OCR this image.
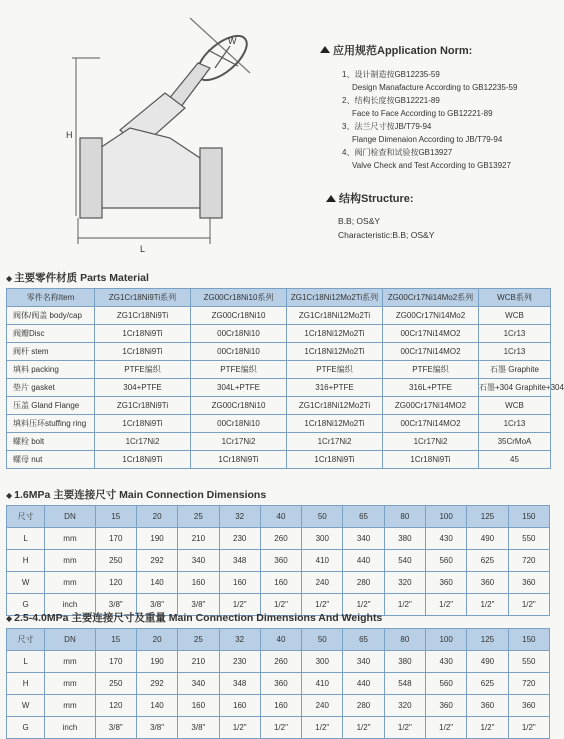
H
L
W
应用规范Application Norm:
1、设计制造按GB12235-59
Design Manafacture According to GB12235-59
2、结构长度按GB12221-89
Face to Face According to GB12221-89
3、法兰尺寸按JB/T79-94
Flange Dimenaion According to JB/T79-94
4、阀门检查和试验按GB13927
Valve Check and Test According to GB13927
结构Structure:
B.B; OS&Y
Characteristic:B.B; OS&Y
◆ 主要零件材质 Parts Material
零件名称Item	ZG1Cr18Ni9Ti系列	ZG00Cr18Ni10系列	ZG1Cr18Ni12Mo2Ti系列	ZG00Cr17Ni14Mo2系列	WCB系列
阀体/阀盖 body/cap	ZG1Cr18Ni9Ti	ZG00Cr18Ni10	ZG1Cr18Ni12Mo2Ti	ZG00Cr17Ni14Mo2	WCB
阀瓣Disc	1Cr18Ni9Ti	00Cr18Ni10	1Cr18Ni12Mo2Ti	00Cr17Ni14MO2	1Cr13
阀杆 stem	1Cr18Ni9Ti	00Cr18Ni10	1Cr18Ni12Mo2Ti	00Cr17Ni14MO2	1Cr13
填料 packing	PTFE编织	PTFE编织	PTFE编织	PTFE编织	石墨 Graphite
垫片 gasket	304+PTFE	304L+PTFE	316+PTFE	316L+PTFE	石墨+304 Graphite+304
压盖 Gland Flange	ZG1Cr18Ni9Ti	ZG00Cr18Ni10	ZG1Cr18Ni12Mo2Ti	ZG00Cr17Ni14MO2	WCB
填料压环stuffing ring	1Cr18Ni9Ti	00Cr18Ni10	1Cr18Ni12Mo2Ti	00Cr17Ni14MO2	1Cr13
螺栓 bolt	1Cr17Ni2	1Cr17Ni2	1Cr17Ni2	1Cr17Ni2	35CrMoA
螺母 nut	1Cr18Ni9Ti	1Cr18Ni9Ti	1Cr18Ni9Ti	1Cr18Ni9Ti	45
◆ 1.6MPa 主要连接尺寸 Main Connection Dimensions
尺寸	DN	15	20	25	32	40	50	65	80	100	125	150
L	mm	170	190	210	230	260	300	340	380	430	490	550
H	mm	250	292	340	348	360	410	440	540	560	625	720
W	mm	120	140	160	160	160	240	280	320	360	360	360
G	inch	3/8"	3/8"	3/8"	1/2"	1/2"	1/2"	1/2"	1/2"	1/2"	1/2"	1/2"
◆ 2.5-4.0MPa 主要连接尺寸及重量 Main Connection Dimensions And Weights
尺寸	DN	15	20	25	32	40	50	65	80	100	125	150
L	mm	170	190	210	230	260	300	340	380	430	490	550
H	mm	250	292	340	348	360	410	440	548	560	625	720
W	mm	120	140	160	160	160	240	280	320	360	360	360
G	inch	3/8"	3/8"	3/8"	1/2"	1/2"	1/2"	1/2"	1/2"	1/2"	1/2"	1/2"
